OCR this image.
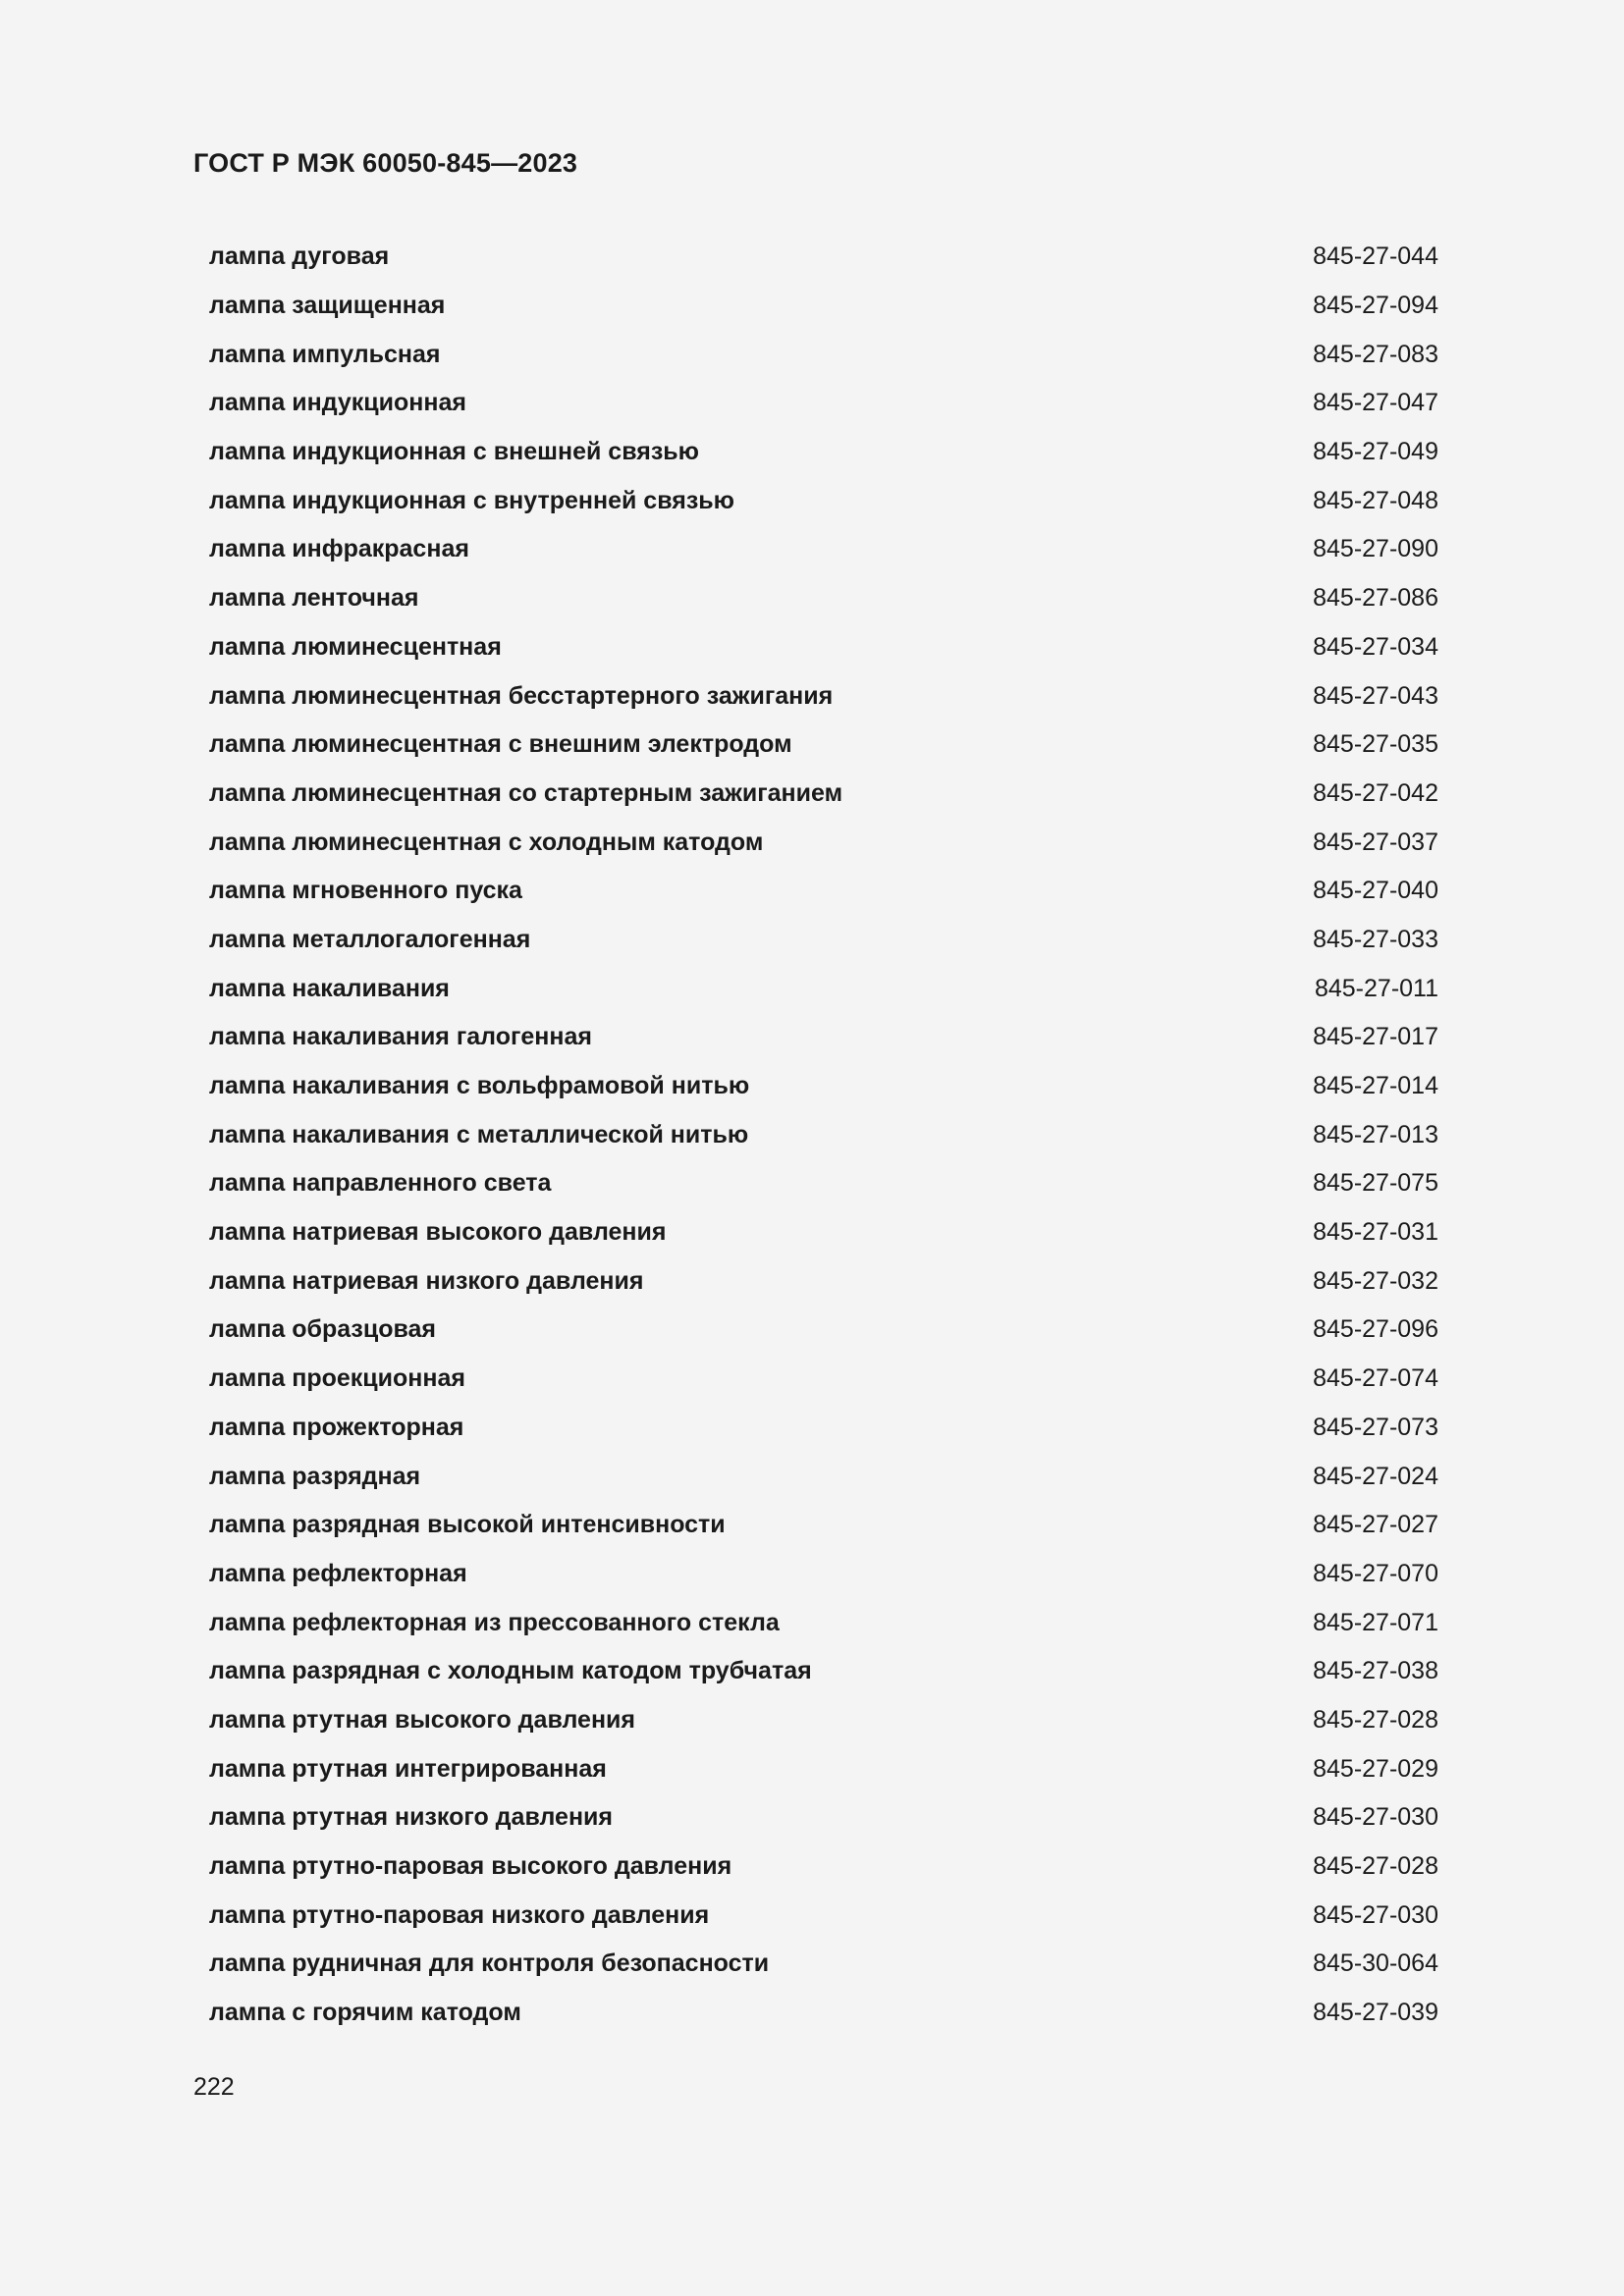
ГОСТ Р МЭК 60050-845—2023
лампа дуговая	845-27-044
лампа защищенная	845-27-094
лампа импульсная	845-27-083
лампа индукционная	845-27-047
лампа индукционная с внешней связью	845-27-049
лампа индукционная с внутренней связью	845-27-048
лампа инфракрасная	845-27-090
лампа ленточная	845-27-086
лампа люминесцентная	845-27-034
лампа люминесцентная бесстартерного зажигания	845-27-043
лампа люминесцентная с внешним электродом	845-27-035
лампа люминесцентная со стартерным зажиганием	845-27-042
лампа люминесцентная с холодным катодом	845-27-037
лампа мгновенного пуска	845-27-040
лампа металлогалогенная	845-27-033
лампа накаливания	845-27-011
лампа накаливания галогенная	845-27-017
лампа накаливания с вольфрамовой нитью	845-27-014
лампа накаливания с металлической нитью	845-27-013
лампа направленного света	845-27-075
лампа натриевая высокого давления	845-27-031
лампа натриевая низкого давления	845-27-032
лампа образцовая	845-27-096
лампа проекционная	845-27-074
лампа прожекторная	845-27-073
лампа разрядная	845-27-024
лампа разрядная высокой интенсивности	845-27-027
лампа рефлекторная	845-27-070
лампа рефлекторная из прессованного стекла	845-27-071
лампа разрядная с холодным катодом трубчатая	845-27-038
лампа ртутная высокого давления	845-27-028
лампа ртутная интегрированная	845-27-029
лампа ртутная низкого давления	845-27-030
лампа ртутно-паровая высокого давления	845-27-028
лампа ртутно-паровая низкого давления	845-27-030
лампа рудничная для контроля безопасности	845-30-064
лампа с горячим катодом	845-27-039
222
